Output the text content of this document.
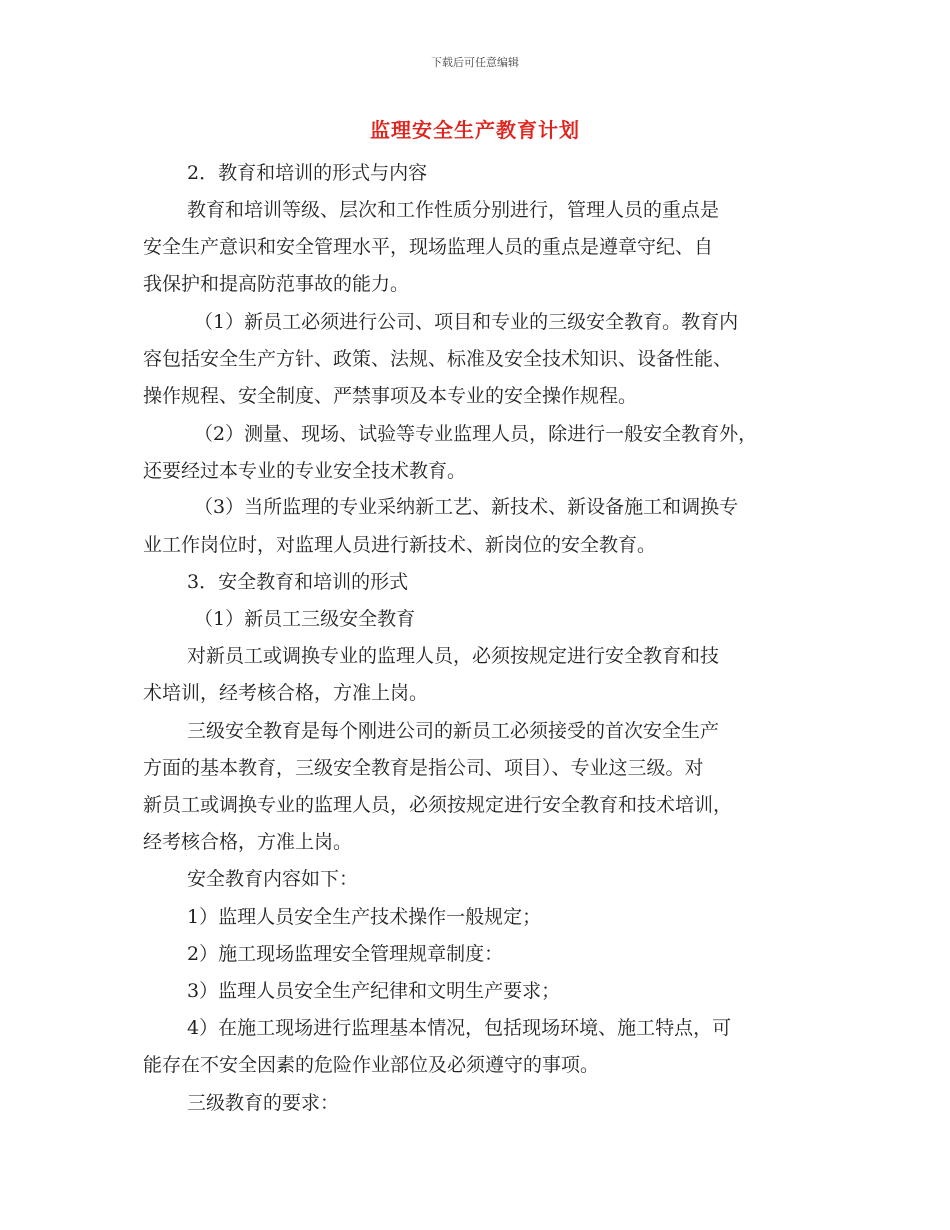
下载后可任意编辑
监理安全生产教育计划
2．教育和培训的形式与内容
教育和培训等级、层次和工作性质分别进行，管理人员的重点是
安全生产意识和安全管理水平，现场监理人员的重点是遵章守纪、自
我保护和提高防范事故的能力。
（1）新员工必须进行公司、项目和专业的三级安全教育。教育内
容包括安全生产方针、政策、法规、标准及安全技术知识、设备性能、
操作规程、安全制度、严禁事项及本专业的安全操作规程。
（2）测量、现场、试验等专业监理人员，除进行一般安全教育外，
还要经过本专业的专业安全技术教育。
（3）当所监理的专业采纳新工艺、新技术、新设备施工和调换专
业工作岗位时，对监理人员进行新技术、新岗位的安全教育。
3．安全教育和培训的形式
（1）新员工三级安全教育
对新员工或调换专业的监理人员，必须按规定进行安全教育和技
术培训，经考核合格，方准上岗。
三级安全教育是每个刚进公司的新员工必须接受的首次安全生产
方面的基本教育，三级安全教育是指公司、项目）、专业这三级。对
新员工或调换专业的监理人员，必须按规定进行安全教育和技术培训，
经考核合格，方准上岗。
安全教育内容如下：
1）监理人员安全生产技术操作一般规定；
2）施工现场监理安全管理规章制度：
3）监理人员安全生产纪律和文明生产要求；
4）在施工现场进行监理基本情况，包括现场环境、施工特点，可
能存在不安全因素的危险作业部位及必须遵守的事项。
三级教育的要求：
